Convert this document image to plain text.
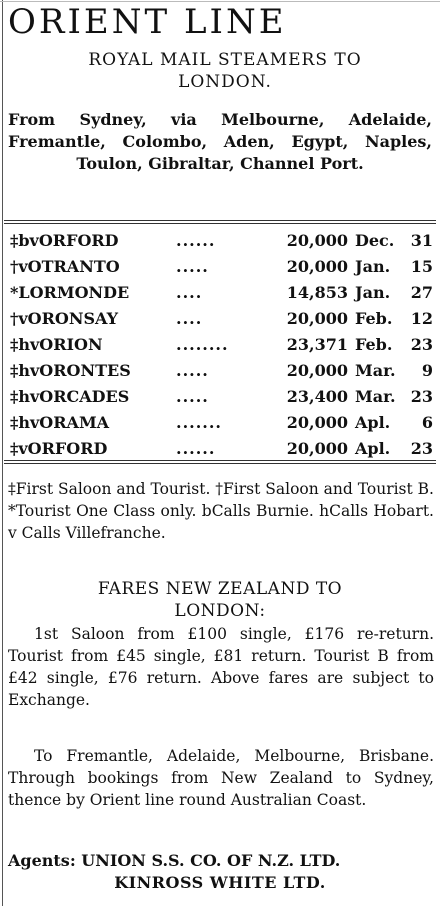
ORIENT LINE
ROYAL MAIL STEAMERS TO
LONDON.
From Sydney, via Melbourne, Adelaide, Fremantle, Colombo, Aden, Egypt, Naples, Toulon, Gibraltar, Channel Port.
‡bvORFORD	......	20,000 Dec. 31
†vOTRANTO	.....	20,000 Jan. 15
*LORMONDE	....	14,853 Jan. 27
†vORONSAY	....	20,000 Feb. 12
‡hvORION	........	23,371 Feb. 23
‡hvORONTES	.....	20,000 Mar. 9
‡hvORCADES	.....	23,400 Mar. 23
‡hvORAMA	.......	20,000 Apl. 6
‡vORFORD	......	20,000 Apl. 23
‡First Saloon and Tourist. †First Saloon and Tourist B. *Tourist One Class only. bCalls Burnie. hCalls Hobart. v Calls Villefranche.
FARES NEW ZEALAND TO
LONDON:
1st Saloon from £100 single, £176 re-return. Tourist from £45 single, £81 return. Tourist B from £42 single, £76 return. Above fares are subject to Exchange.
To Fremantle, Adelaide, Melbourne, Brisbane. Through bookings from New Zealand to Sydney, thence by Orient line round Australian Coast.
Agents: UNION S.S. CO. OF N.Z. LTD.
KINROSS WHITE LTD.
